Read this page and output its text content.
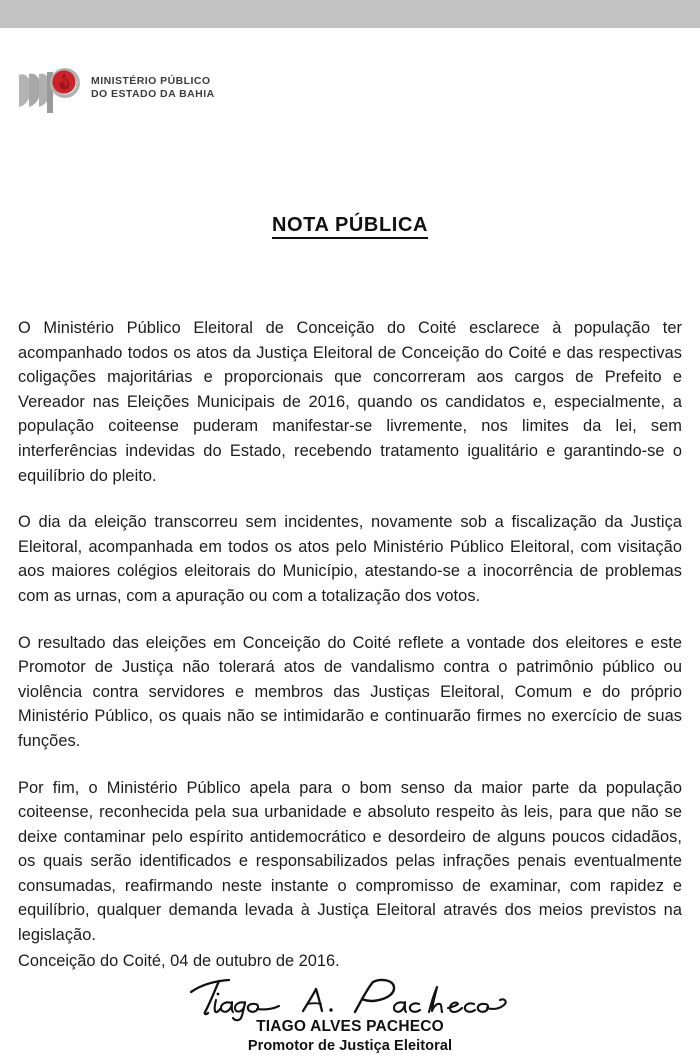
MINISTÉRIO PÚBLICO
DO ESTADO DA BAHIA
NOTA PÚBLICA

O Ministério Público Eleitoral de Conceição do Coité esclarece à população ter acompanhado todos os atos da Justiça Eleitoral de Conceição do Coité e das respectivas coligações majoritárias e proporcionais que concorreram aos cargos de Prefeito e Vereador nas Eleições Municipais de 2016, quando os candidatos e, especialmente, a população coiteense puderam manifestar-se livremente, nos limites da lei, sem interferências indevidas do Estado, recebendo tratamento igualitário e garantindo-se o equilíbrio do pleito.

O dia da eleição transcorreu sem incidentes, novamente sob a fiscalização da Justiça Eleitoral, acompanhada em todos os atos pelo Ministério Público Eleitoral, com visitação aos maiores colégios eleitorais do Município, atestando-se a inocorrência de problemas com as urnas, com a apuração ou com a totalização dos votos.

O resultado das eleições em Conceição do Coité reflete a vontade dos eleitores e este Promotor de Justiça não tolerará atos de vandalismo contra o patrimônio público ou violência contra servidores e membros das Justiças Eleitoral, Comum e do próprio Ministério Público, os quais não se intimidarão e continuarão firmes no exercício de suas funções.

Por fim, o Ministério Público apela para o bom senso da maior parte da população coiteense, reconhecida pela sua urbanidade e absoluto respeito às leis, para que não se deixe contaminar pelo espírito antidemocrático e desordeiro de alguns poucos cidadãos, os quais serão identificados e responsabilizados pelas infrações penais eventualmente consumadas, reafirmando neste instante o compromisso de examinar, com rapidez e equilíbrio, qualquer demanda levada à Justiça Eleitoral através dos meios previstos na legislação.

Conceição do Coité, 04 de outubro de 2016.
TIAGO ALVES PACHECO
Promotor de Justiça Eleitoral
